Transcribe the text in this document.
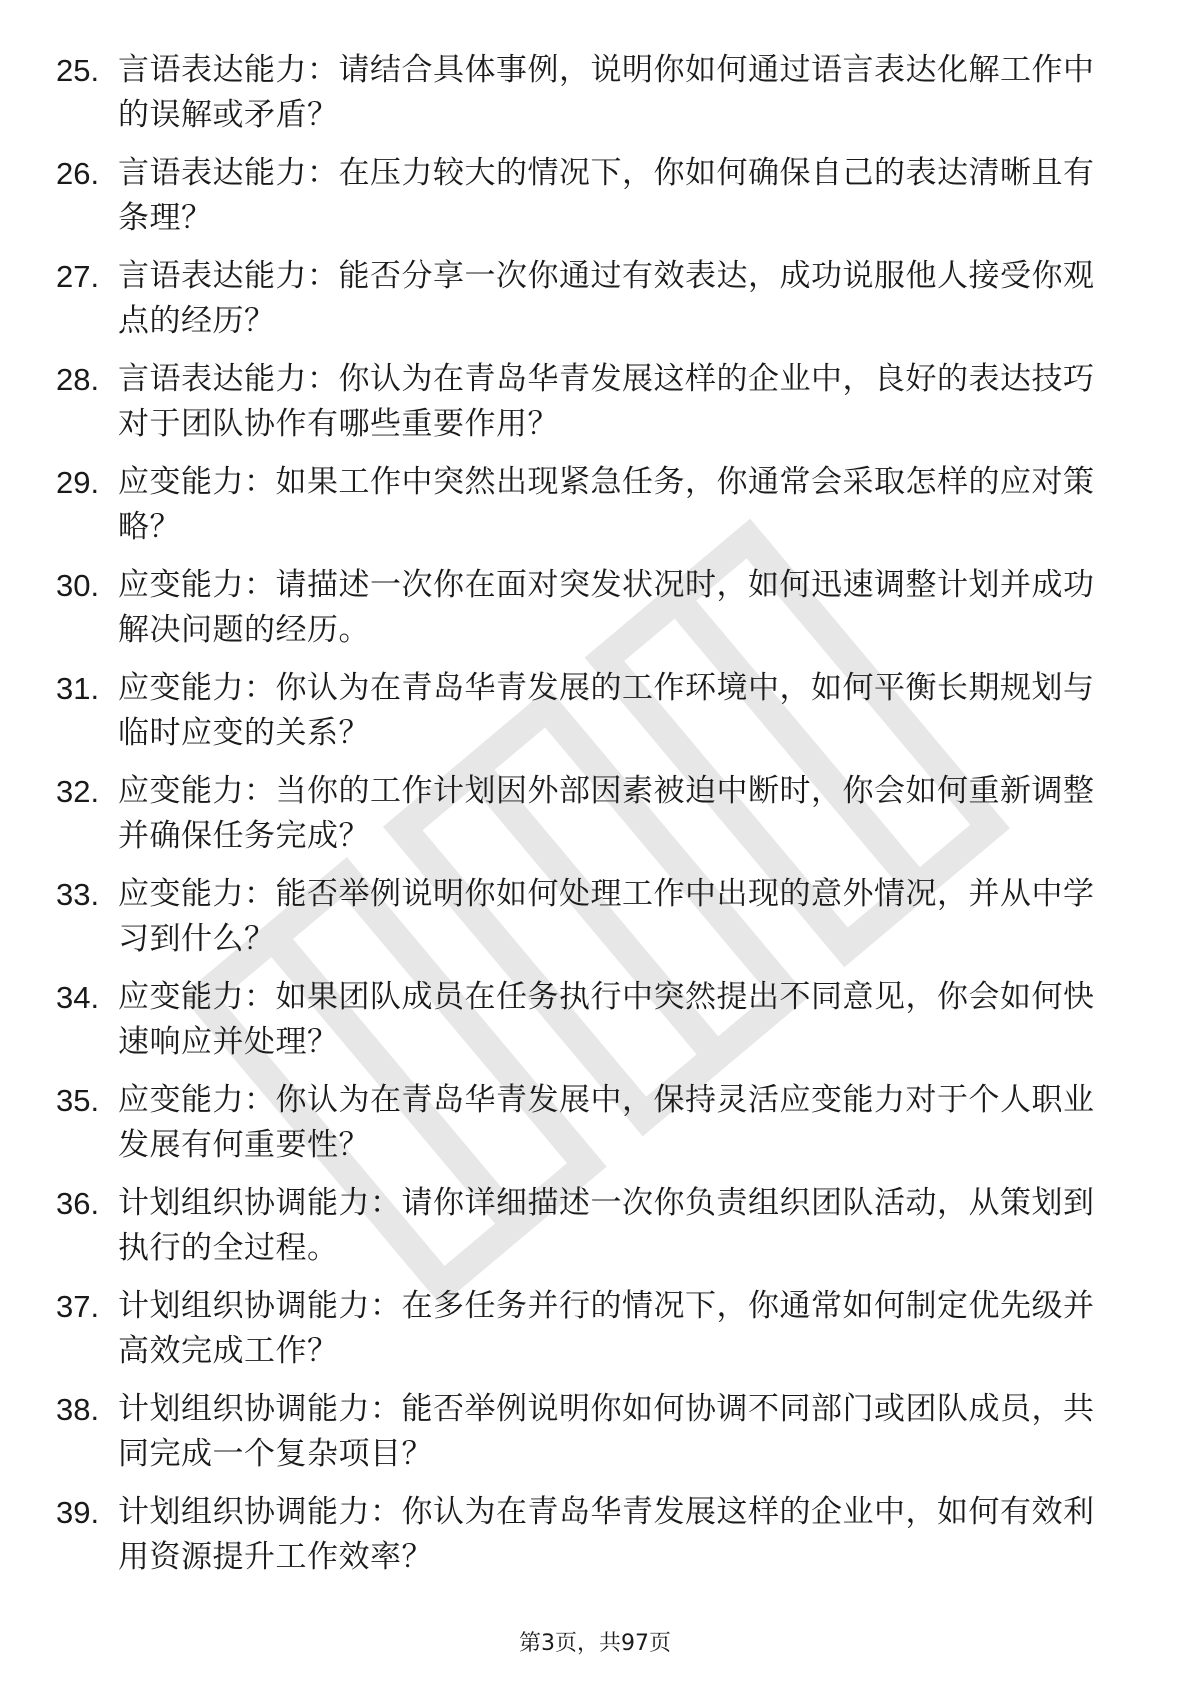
25. 言语表达能力：请结合具体事例，说明你如何通过语言表达化解工作中的误解或矛盾？
26. 言语表达能力：在压力较大的情况下，你如何确保自己的表达清晰且有条理？
27. 言语表达能力：能否分享一次你通过有效表达，成功说服他人接受你观点的经历？
28. 言语表达能力：你认为在青岛华青发展这样的企业中，良好的表达技巧对于团队协作有哪些重要作用？
29. 应变能力：如果工作中突然出现紧急任务，你通常会采取怎样的应对策略？
30. 应变能力：请描述一次你在面对突发状况时，如何迅速调整计划并成功解决问题的经历。
31. 应变能力：你认为在青岛华青发展的工作环境中，如何平衡长期规划与临时应变的关系？
32. 应变能力：当你的工作计划因外部因素被迫中断时，你会如何重新调整并确保任务完成？
33. 应变能力：能否举例说明你如何处理工作中出现的意外情况，并从中学习到什么？
34. 应变能力：如果团队成员在任务执行中突然提出不同意见，你会如何快速响应并处理？
35. 应变能力：你认为在青岛华青发展中，保持灵活应变能力对于个人职业发展有何重要性？
36. 计划组织协调能力：请你详细描述一次你负责组织团队活动，从策划到执行的全过程。
37. 计划组织协调能力：在多任务并行的情况下，你通常如何制定优先级并高效完成工作？
38. 计划组织协调能力：能否举例说明你如何协调不同部门或团队成员，共同完成一个复杂项目？
39. 计划组织协调能力：你认为在青岛华青发展这样的企业中，如何有效利用资源提升工作效率？
第3页，共97页
